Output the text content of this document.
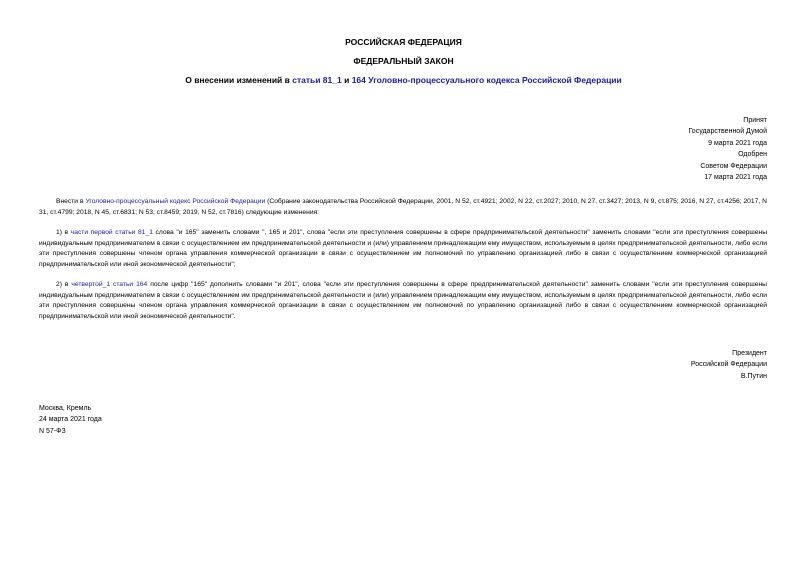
РОССИЙСКАЯ ФЕДЕРАЦИЯ
ФЕДЕРАЛЬНЫЙ ЗАКОН
О внесении изменений в статьи 81_1 и 164 Уголовно-процессуального кодекса Российской Федерации
Принят
Государственной Думой
9 марта 2021 года
Одобрен
Советом Федерации
17 марта 2021 года
Внести в Уголовно-процессуальный кодекс Российской Федерации (Собрание законодательства Российской Федерации, 2001, N 52, ст.4921; 2002, N 22, ст.2027; 2010, N 27, ст.3427; 2013, N 9, ст.875; 2016, N 27, ст.4256; 2017, N 31, ст.4799; 2018, N 45, ст.6831; N 53, ст.8459; 2019, N 52, ст.7816) следующие изменения:
1) в части первой статьи 81_1 слова "и 165" заменить словами ", 165 и 201", слова "если эти преступления совершены в сфере предпринимательской деятельности" заменить словами "если эти преступления совершены индивидуальным предпринимателем в связи с осуществлением им предпринимательской деятельности и (или) управлением принадлежащим ему имуществом, используемым в целях предпринимательской деятельности, либо если эти преступления совершены членом органа управления коммерческой организации в связи с осуществлением им полномочий по управлению организацией либо в связи с осуществлением коммерческой организацией предпринимательской или иной экономической деятельности";
2) в четвертой_1 статьи 164 после цифр "165" дополнить словами "и 201", слова "если эти преступления совершены в сфере предпринимательской деятельности" заменить словами "если эти преступления совершены индивидуальным предпринимателем в связи с осуществлением им предпринимательской деятельности и (или) управлением принадлежащим ему имуществом, используемым в целях предпринимательской деятельности, либо если эти преступления совершены членом органа управления коммерческой организации в связи с осуществлением им полномочий по управлению организацией либо в связи с осуществлением коммерческой организацией предпринимательской или иной экономической деятельности".
Президент
Российской Федерации
В.Путин
Москва, Кремль
24 марта 2021 года
N 57-ФЗ
